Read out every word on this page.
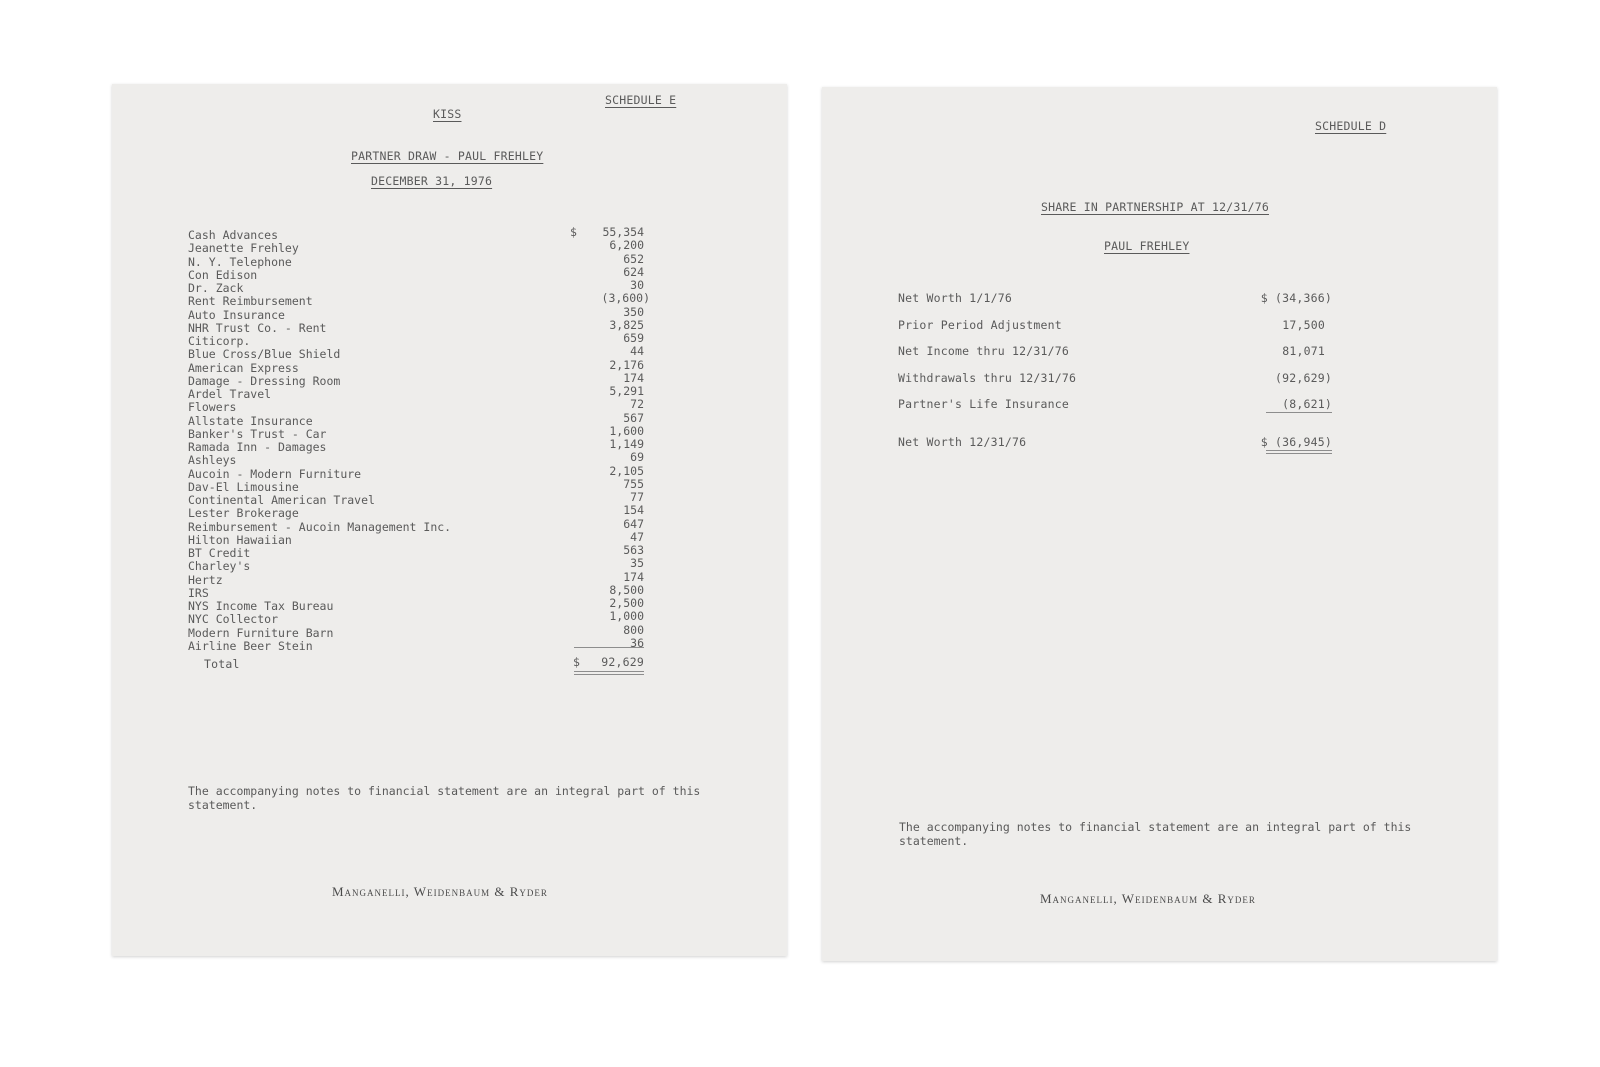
SCHEDULE E
KISS
PARTNER DRAW - PAUL FREHLEY
DECEMBER 31, 1976
$
Cash Advances	55,354
Jeanette Frehley	6,200
N. Y. Telephone	652
Con Edison	624
Dr. Zack	30
Rent Reimbursement	(3,600)
Auto Insurance	350
NHR Trust Co. - Rent	3,825
Citicorp.	659
Blue Cross/Blue Shield	44
American Express	2,176
Damage - Dressing Room	174
Ardel Travel	5,291
Flowers	72
Allstate Insurance	567
Banker's Trust - Car	1,600
Ramada Inn - Damages	1,149
Ashleys	69
Aucoin - Modern Furniture	2,105
Dav-El Limousine	755
Continental American Travel	77
Lester Brokerage	154
Reimbursement - Aucoin Management Inc.	647
Hilton Hawaiian	47
BT Credit	563
Charley's	35
Hertz	174
IRS	8,500
NYS Income Tax Bureau	2,500
NYC Collector	1,000
Modern Furniture Barn	800
Airline Beer Stein	36
Total	$ 92,629
The accompanying notes to financial statement are an integral part of this statement.
Manganelli, Weidenbaum & Ryder
SCHEDULE D
SHARE IN PARTNERSHIP AT 12/31/76
PAUL FREHLEY
Net Worth 1/1/76	$ (34,366)
Prior Period Adjustment	17,500
Net Income thru 12/31/76	81,071
Withdrawals thru 12/31/76	(92,629)
Partner's Life Insurance	(8,621)
Net Worth 12/31/76	$ (36,945)
The accompanying notes to financial statement are an integral part of this statement.
Manganelli, Weidenbaum & Ryder
